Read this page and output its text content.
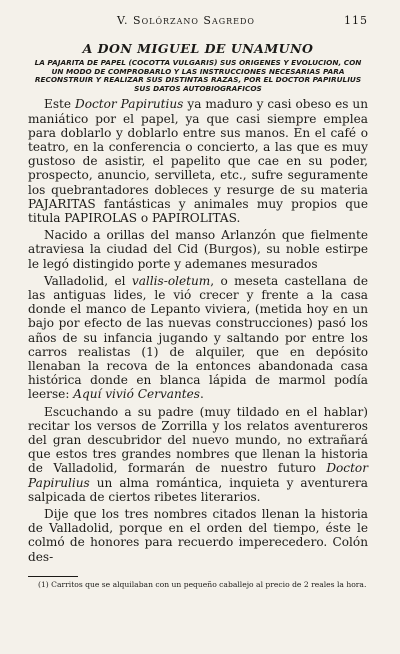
V. Solórzano Sagredo	115
A DON MIGUEL DE UNAMUNO
LA PAJARITA DE PAPEL (COCOTTA VULGARIS) SUS ORIGENES Y EVOLUCION, CON UN MODO DE COMPROBARLO Y LAS INSTRUCCIONES NECESARIAS PARA RECONSTRUIR Y REALIZAR SUS DISTINTAS RAZAS, POR EL DOCTOR PAPIRULIUS SUS DATOS AUTOBIOGRAFICOS

Este Doctor Papirutius ya maduro y casi obeso es un maniático por el papel, ya que casi siempre emplea para doblarlo y doblarlo entre sus manos. En el café o teatro, en la conferencia o concierto, a las que es muy gustoso de asistir, el papelito que cae en su poder, prospecto, anuncio, servilleta, etc., sufre seguramente los quebrantadores dobleces y resurge de su materia PAJARITAS fantásticas y animales muy propios que titula PAPIROLAS o PAPIROLITAS.

Nacido a orillas del manso Arlanzón que fielmente atraviesa la ciudad del Cid (Burgos), su noble estirpe le legó distingido porte y ademanes mesurados

Valladolid, el vallis-oletum, o meseta castellana de las antiguas lides, le vió crecer y frente a la casa donde el manco de Lepanto viviera, (metida hoy en un bajo por efecto de las nuevas construcciones) pasó los años de su infancia jugando y saltando por entre los carros realistas (1) de alquiler, que en depósito llenaban la recova de la entonces abandonada casa histórica donde en blanca lápida de marmol podía leerse: Aquí vivió Cervantes.

Escuchando a su padre (muy tildado en el hablar) recitar los versos de Zorrilla y los relatos aventureros del gran descubridor del nuevo mundo, no extrañará que estos tres grandes nombres que llenan la historia de Valladolid, formarán de nuestro futuro Doctor Papirulius un alma romántica, inquieta y aventurera salpicada de ciertos ribetes literarios.

Dije que los tres nombres citados llenan la historia de Valladolid, porque en el orden del tiempo, éste le colmó de honores para recuerdo imperecedero. Colón des-

(1) Carritos que se alquilaban con un pequeño caballejo al precio de 2 reales la hora.
